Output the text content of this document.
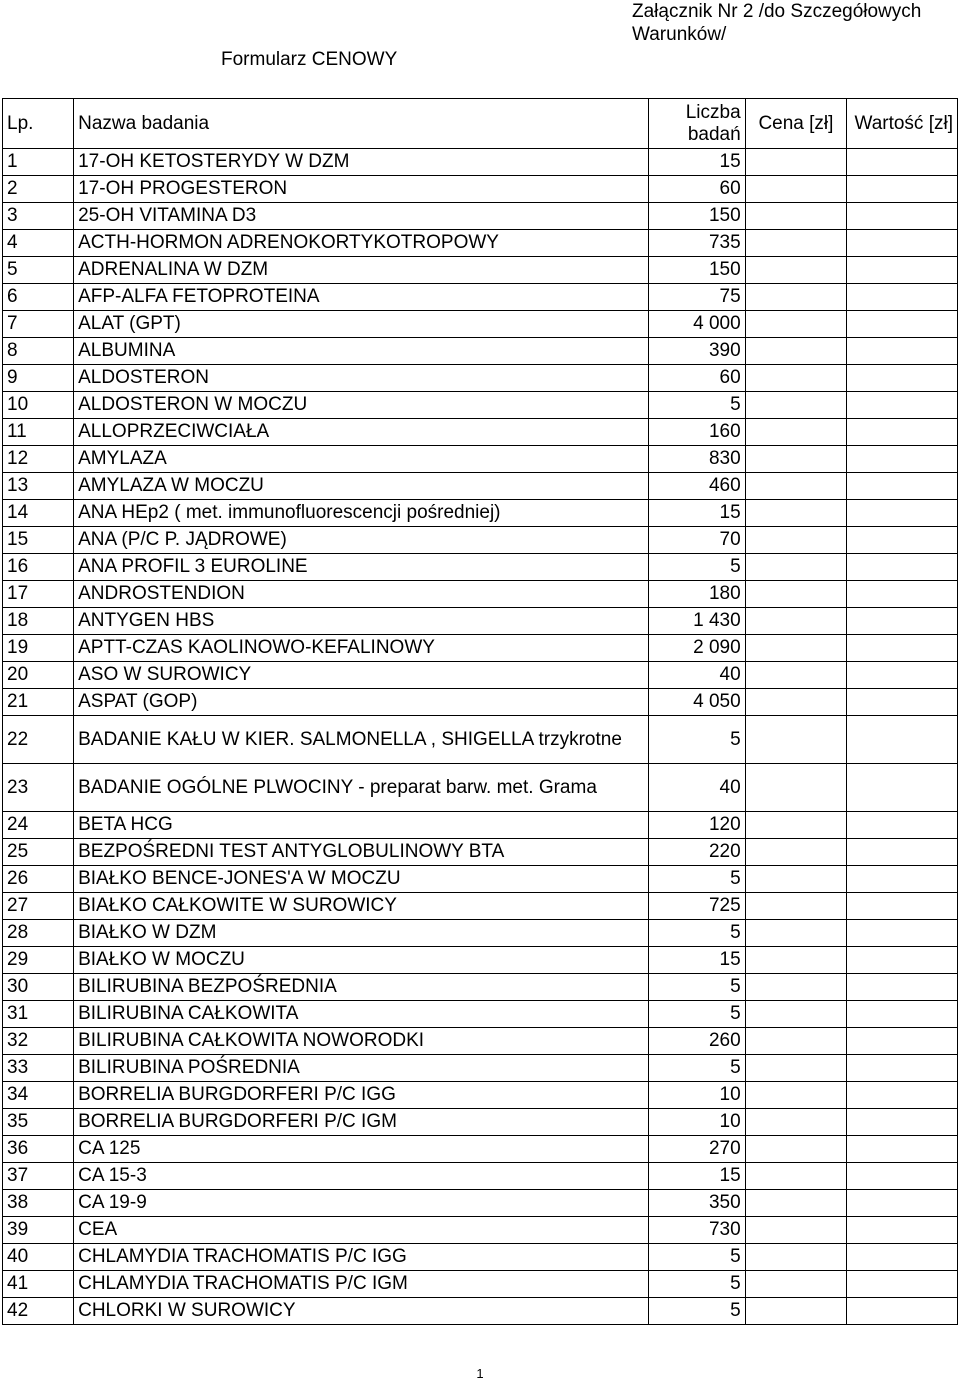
Załącznik Nr 2 /do Szczegółowych Warunków/
Formularz CENOWY
Lp.	Nazwa badania	Liczba badań	Cena [zł]	Wartość [zł]
1	17-OH KETOSTERYDY W DZM	15		
2	17-OH PROGESTERON	60		
3	25-OH VITAMINA D3	150		
4	ACTH-HORMON ADRENOKORTYKOTROPOWY	735		
5	ADRENALINA W DZM	150		
6	AFP-ALFA FETOPROTEINA	75		
7	ALAT (GPT)	4 000		
8	ALBUMINA	390		
9	ALDOSTERON	60		
10	ALDOSTERON W MOCZU	5		
11	ALLOPRZECIWCIAŁA	160		
12	AMYLAZA	830		
13	AMYLAZA W MOCZU	460		
14	ANA HEp2 ( met. immunofluorescencji pośredniej)	15		
15	ANA (P/C P. JĄDROWE)	70		
16	ANA PROFIL 3 EUROLINE	5		
17	ANDROSTENDION	180		
18	ANTYGEN HBS	1 430		
19	APTT-CZAS KAOLINOWO-KEFALINOWY	2 090		
20	ASO W SUROWICY	40		
21	ASPAT (GOP)	4 050		
22	BADANIE KAŁU W KIER. SALMONELLA , SHIGELLA trzykrotne	5		
23	BADANIE OGÓLNE PLWOCINY - preparat barw. met. Grama	40		
24	BETA HCG	120		
25	BEZPOŚREDNI TEST ANTYGLOBULINOWY BTA	220		
26	BIAŁKO BENCE-JONES'A W MOCZU	5		
27	BIAŁKO CAŁKOWITE W SUROWICY	725		
28	BIAŁKO W DZM	5		
29	BIAŁKO W MOCZU	15		
30	BILIRUBINA BEZPOŚREDNIA	5		
31	BILIRUBINA CAŁKOWITA	5		
32	BILIRUBINA CAŁKOWITA NOWORODKI	260		
33	BILIRUBINA POŚREDNIA	5		
34	BORRELIA BURGDORFERI P/C IGG	10		
35	BORRELIA BURGDORFERI P/C IGM	10		
36	CA 125	270		
37	CA 15-3	15		
38	CA 19-9	350		
39	CEA	730		
40	CHLAMYDIA TRACHOMATIS P/C IGG	5		
41	CHLAMYDIA TRACHOMATIS P/C IGM	5		
42	CHLORKI W SUROWICY	5		
1
